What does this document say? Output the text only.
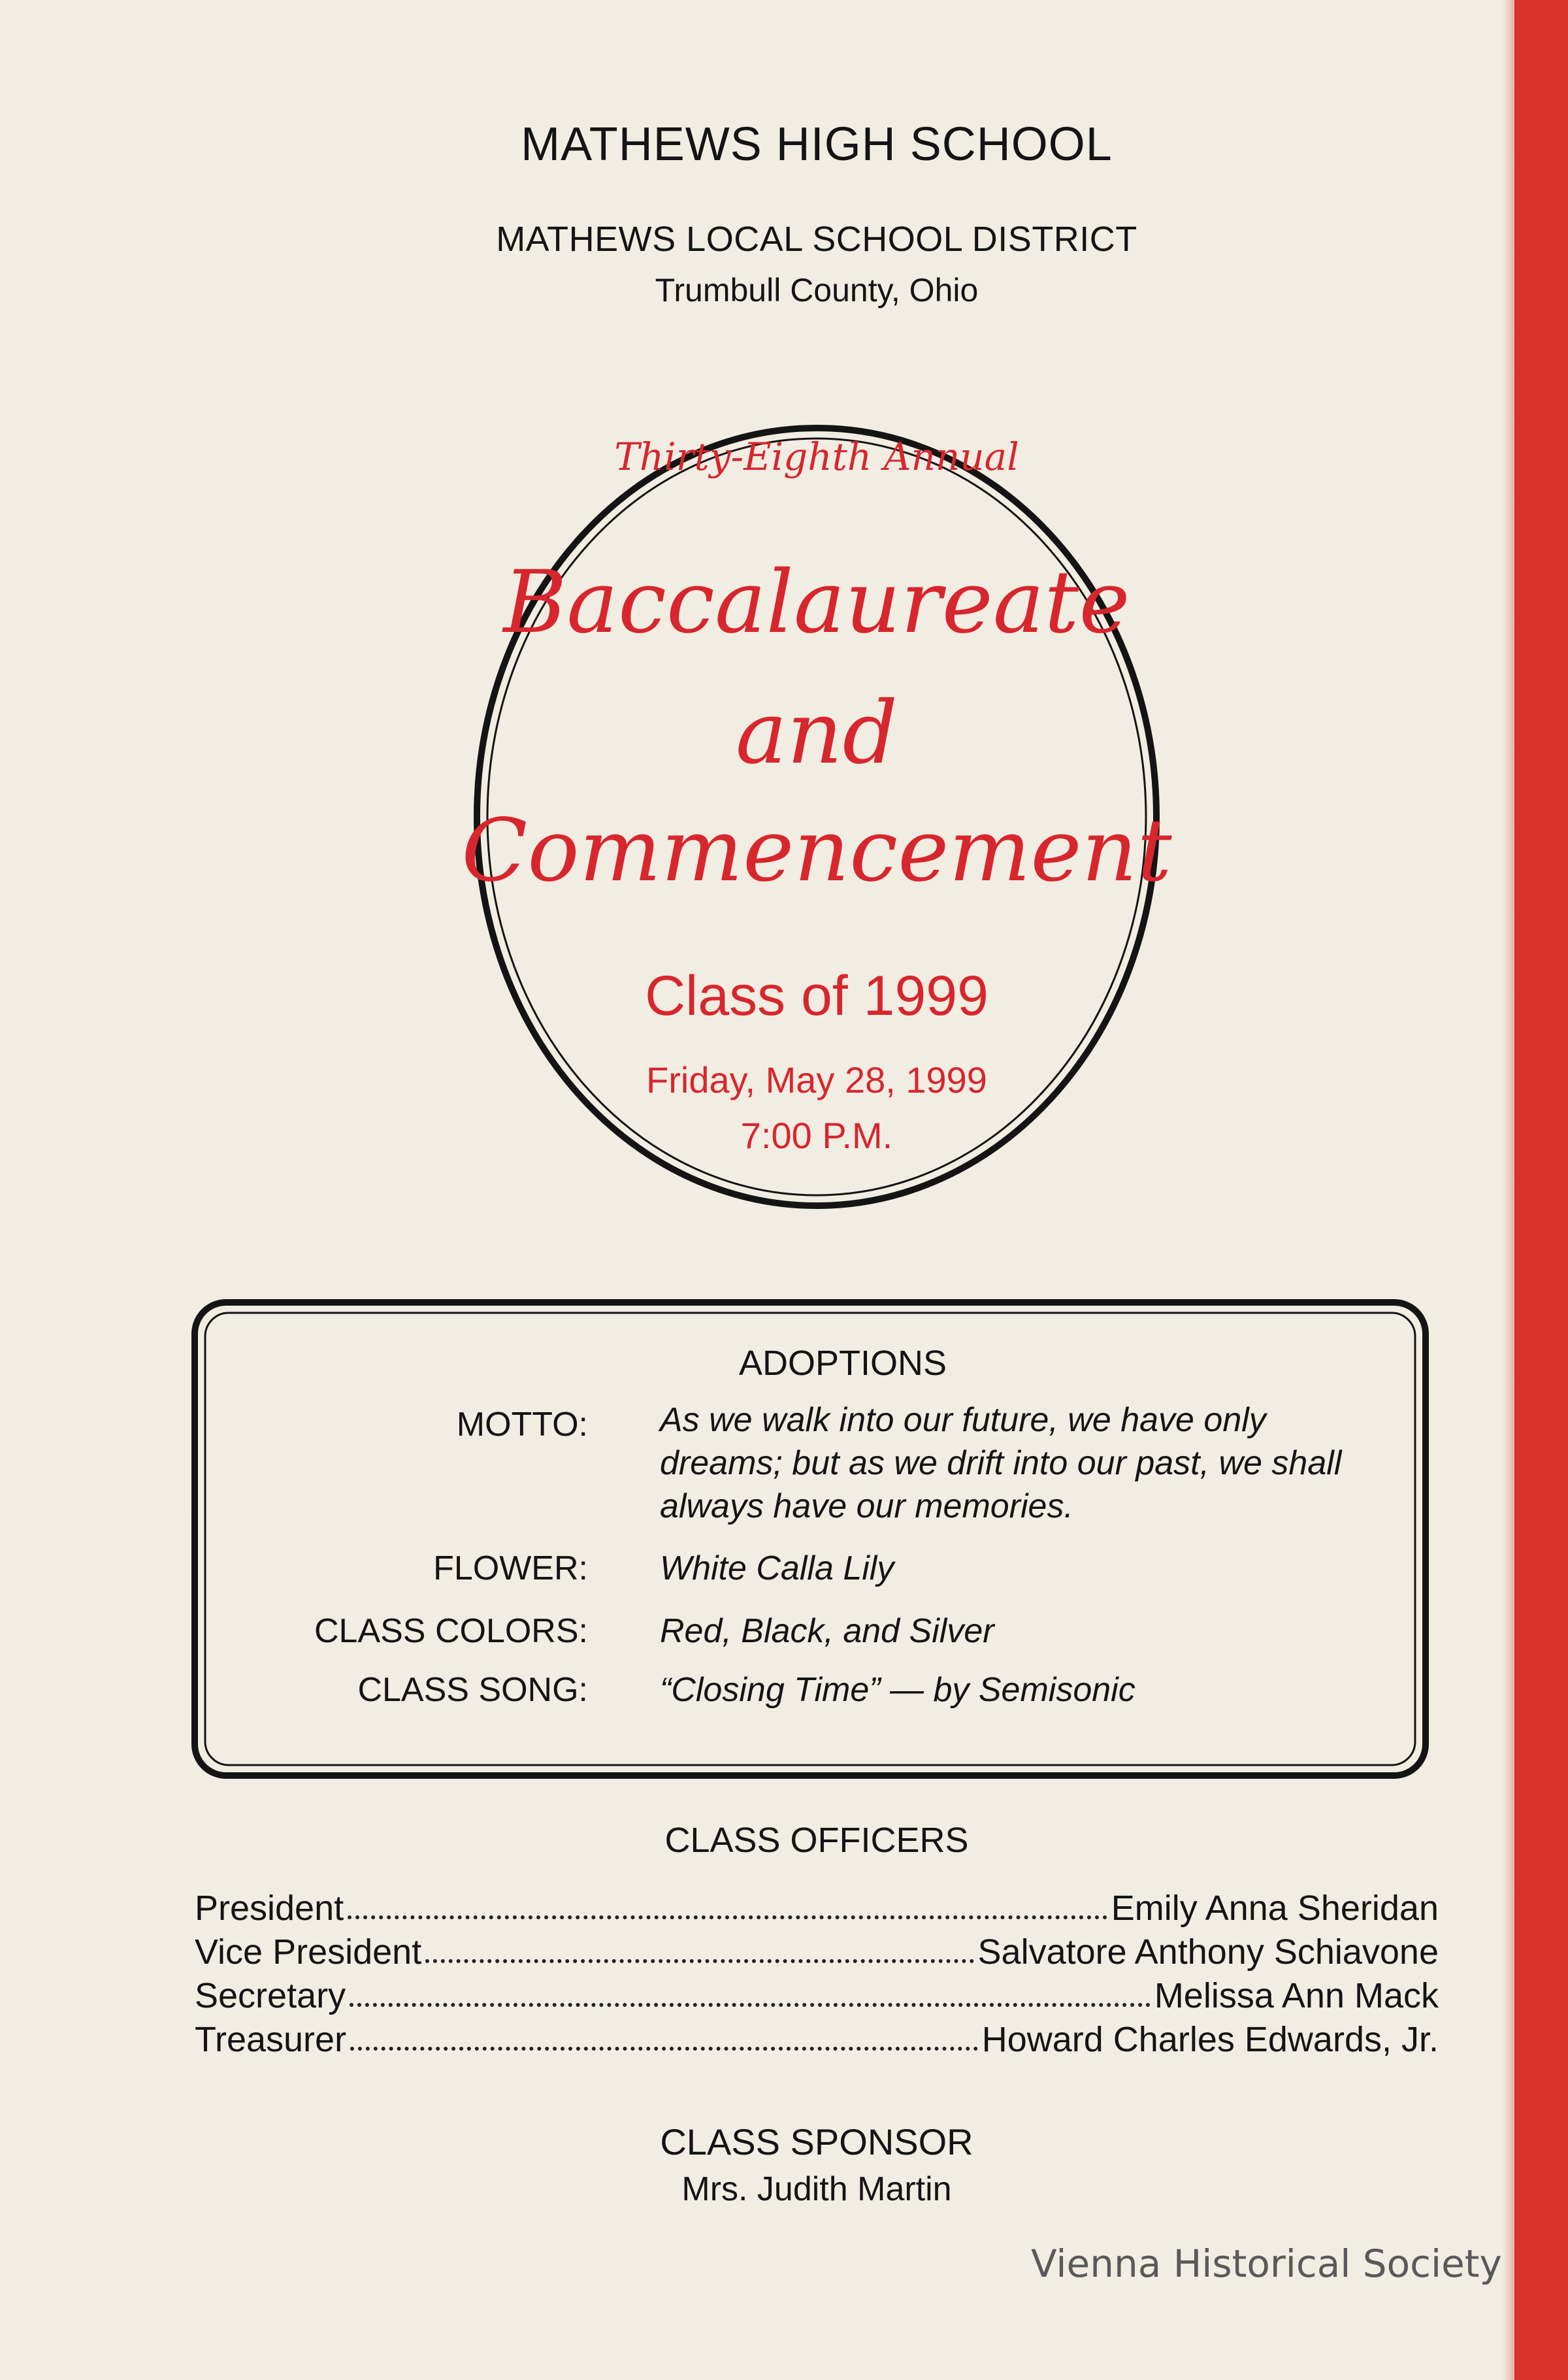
MATHEWS HIGH SCHOOL
MATHEWS LOCAL SCHOOL DISTRICT
Trumbull County, Ohio
Thirty-Eighth Annual
Baccalaureate
and
Commencement
Class of 1999
Friday, May 28, 1999
7:00 P.M.
ADOPTIONS
MOTTO: As we walk into our future, we have only dreams; but as we drift into our past, we shall always have our memories.
FLOWER: White Calla Lily
CLASS COLORS: Red, Black, and Silver
CLASS SONG: “Closing Time” — by Semisonic
CLASS OFFICERS
President	Emily Anna Sheridan
Vice President	Salvatore Anthony Schiavone
Secretary	Melissa Ann Mack
Treasurer	Howard Charles Edwards, Jr.
CLASS SPONSOR
Mrs. Judith Martin
Vienna Historical Society
